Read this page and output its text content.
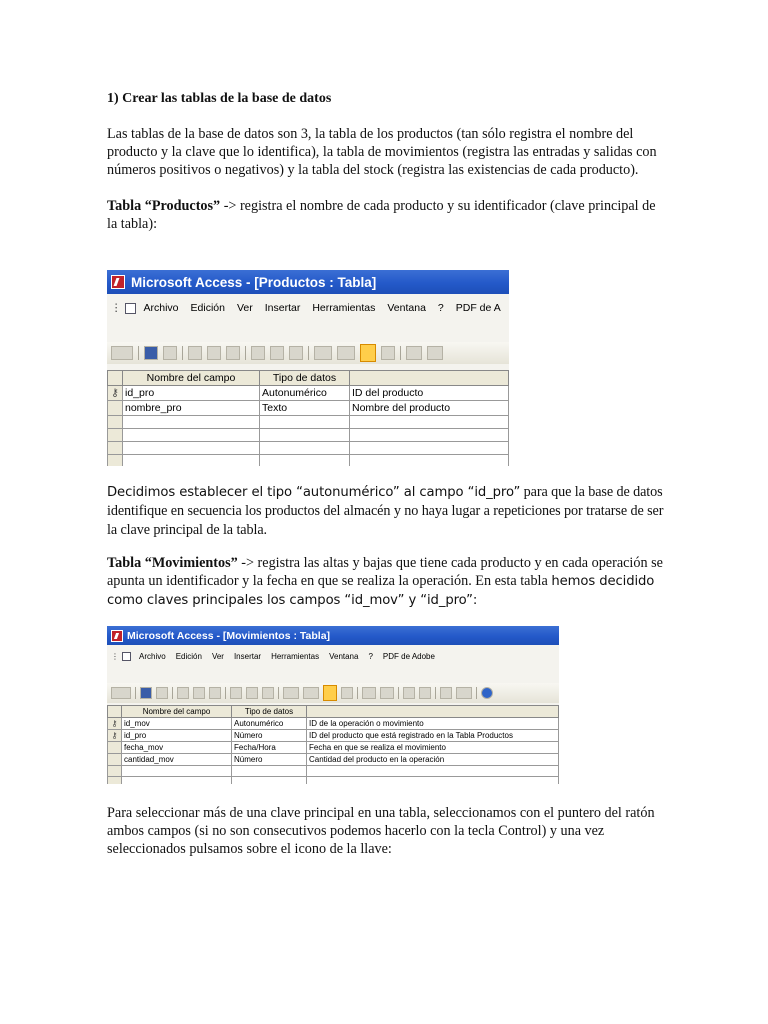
1) Crear las tablas de la base de datos

Las tablas de la base de datos son 3, la tabla de los productos (tan sólo registra el nombre del producto y la clave que lo identifica), la tabla de movimientos (registra las entradas y salidas con números positivos o negativos) y la tabla del stock (registra las existencias de cada producto).

Tabla “Productos” -> registra el nombre de cada producto y su identificador (clave principal de la tabla):

Microsoft Access - [Productos : Tabla]
⋮ Archivo Edición Ver Insertar Herramientas Ventana ? PDF de A
	Nombre del campo	Tipo de datos	
⚷	id_pro	Autonumérico	ID del producto
	nombre_pro	Texto	Nombre del producto

Decidimos establecer el tipo “autonumérico” al campo “id_pro” para que la base de datos identifique en secuencia los productos del almacén y no haya lugar a repeticiones por tratarse de ser la clave principal de la tabla.

Tabla “Movimientos” -> registra las altas y bajas que tiene cada producto y en cada operación se apunta un identificador y la fecha en que se realiza la operación. En esta tabla hemos decidido como claves principales los campos “id_mov” y “id_pro”:

Microsoft Access - [Movimientos : Tabla]
⋮	Archivo Edición Ver Insertar Herramientas Ventana ? PDF de Adobe
	Nombre del campo	Tipo de datos	
⚷	id_mov	Autonumérico	ID de la operación o movimiento
⚷	id_pro	Número	ID del producto que está registrado en la Tabla Productos
	fecha_mov	Fecha/Hora	Fecha en que se realiza el movimiento
	cantidad_mov	Número	Cantidad del producto en la operación

Para seleccionar más de una clave principal en una tabla, seleccionamos con el puntero del ratón ambos campos (si no son consecutivos podemos hacerlo con la tecla Control) y una vez seleccionados pulsamos sobre el icono de la llave:
